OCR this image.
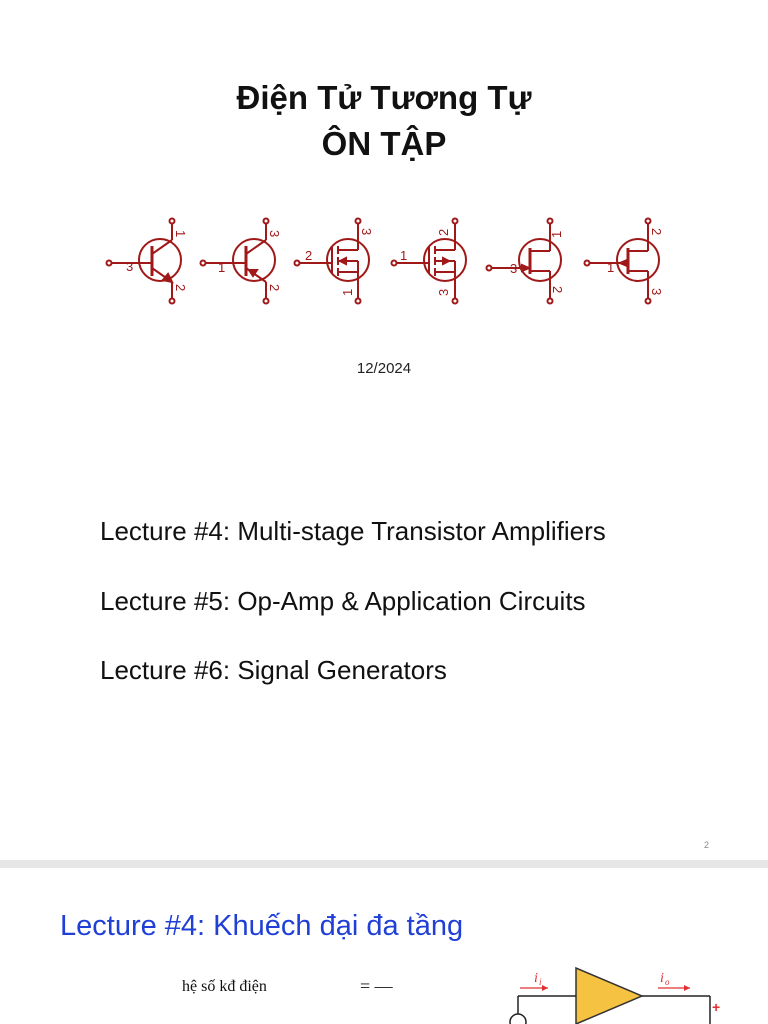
Điện Tử Tương Tự
ÔN TẬP
3
1
2
1
3
2
2
3
1
1
2
3
3
1
2
1
2
3
12/2024
Lecture #4: Multi-stage Transistor Amplifiers
Lecture #5: Op-Amp & Application Circuits
Lecture #6: Signal Generators
2
Lecture #4: Khuếch đại đa tầng
hệ số kđ điện	= —	i i	i o
+
